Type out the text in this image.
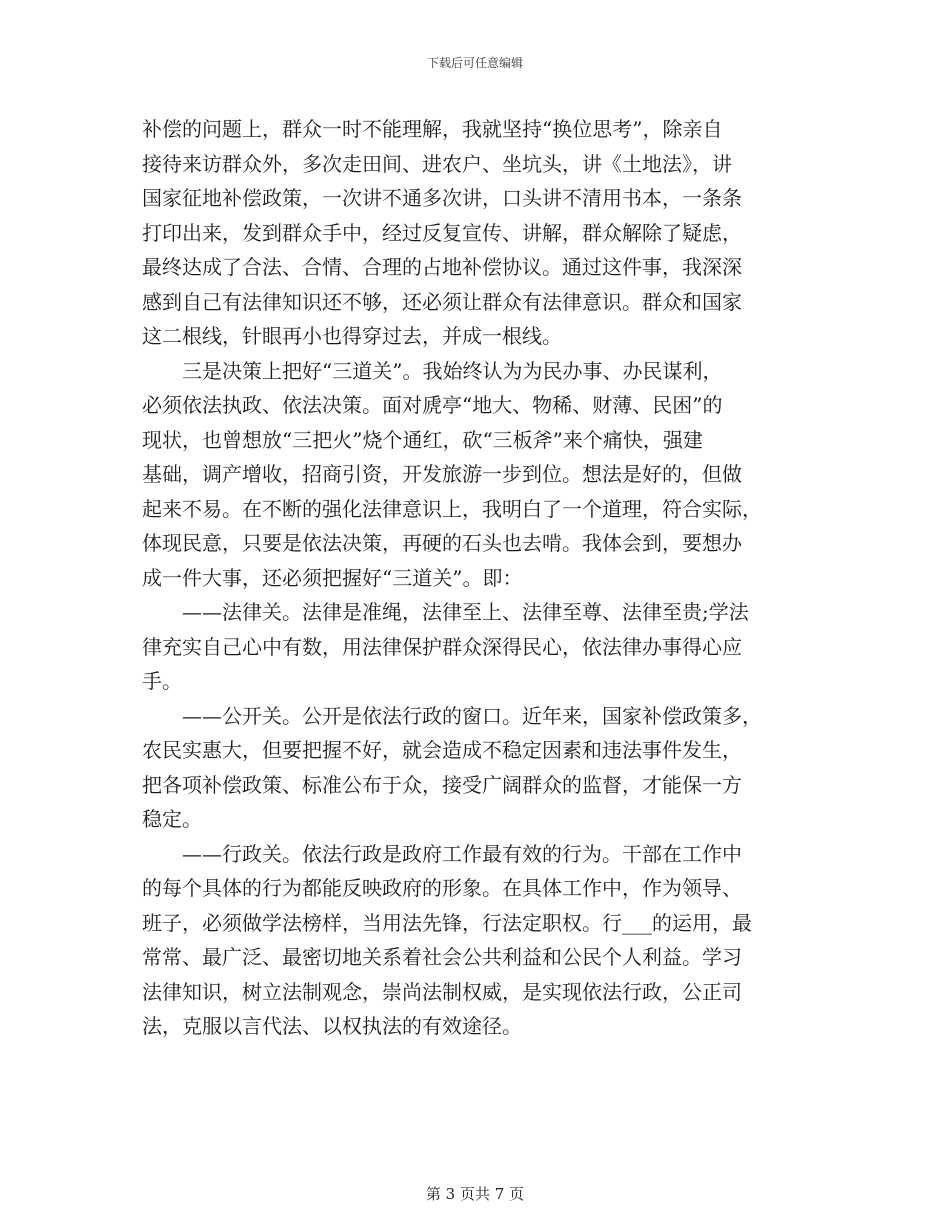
下载后可任意编辑

补偿的问题上，群众一时不能理解，我就坚持“换位思考”，除亲自
接待来访群众外，多次走田间、进农户、坐坑头，讲《土地法》，讲
国家征地补偿政策，一次讲不通多次讲，口头讲不清用书本，一条条
打印出来，发到群众手中，经过反复宣传、讲解，群众解除了疑虑，
最终达成了合法、合情、合理的占地补偿协议。通过这件事，我深深
感到自己有法律知识还不够，还必须让群众有法律意识。群众和国家
这二根线，针眼再小也得穿过去，并成一根线。

三是决策上把好“三道关”。我始终认为为民办事、办民谋利，
必须依法执政、依法决策。面对虒亭“地大、物稀、财薄、民困”的
现状，也曾想放“三把火”烧个通红，砍“三板斧”来个痛快，强建
基础，调产增收，招商引资，开发旅游一步到位。想法是好的，但做
起来不易。在不断的强化法律意识上，我明白了一个道理，符合实际，
体现民意，只要是依法决策，再硬的石头也去啃。我体会到，要想办
成一件大事，还必须把握好“三道关”。即：

——法律关。法律是准绳，法律至上、法律至尊、法律至贵;学法
律充实自己心中有数，用法律保护群众深得民心，依法律办事得心应
手。

——公开关。公开是依法行政的窗口。近年来，国家补偿政策多，
农民实惠大，但要把握不好，就会造成不稳定因素和违法事件发生，
把各项补偿政策、标准公布于众，接受广阔群众的监督，才能保一方
稳定。

——行政关。依法行政是政府工作最有效的行为。干部在工作中
的每个具体的行为都能反映政府的形象。在具体工作中，作为领导、
班子，必须做学法榜样，当用法先锋，行法定职权。行___的运用，最
常常、最广泛、最密切地关系着社会公共利益和公民个人利益。学习
法律知识，树立法制观念，崇尚法制权威，是实现依法行政，公正司
法，克服以言代法、以权执法的有效途径。

第 3 页共 7 页
